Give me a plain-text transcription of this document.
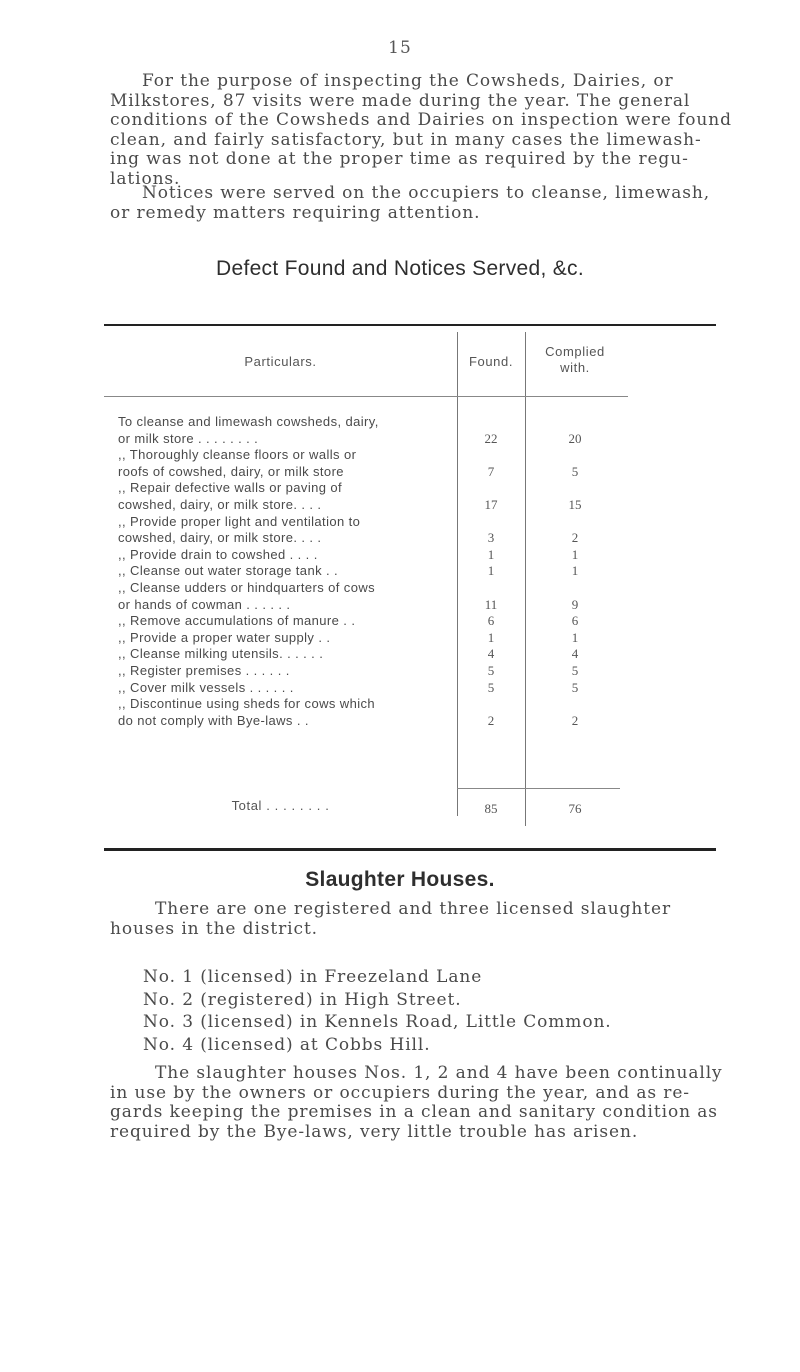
15
For the purpose of inspecting the Cowsheds, Dairies, or
Milkstores, 87 visits were made during the year. The general
conditions of the Cowsheds and Dairies on inspection were found
clean, and fairly satisfactory, but in many cases the limewash-
ing was not done at the proper time as required by the regu-
lations.
Notices were served on the occupiers to cleanse, limewash,
or remedy matters requiring attention.
Defect Found and Notices Served, &c.
Particulars.	Found.
Complied
with.
To cleanse and limewash cowsheds, dairy,
or milk store . . . . . . . .	22	20
,, Thoroughly cleanse floors or walls or
roofs of cowshed, dairy, or milk store	7	5
,, Repair defective walls or paving of
cowshed, dairy, or milk store. . . .	17	15
,, Provide proper light and ventilation to
cowshed, dairy, or milk store. . . .	3	2
,, Provide drain to cowshed . . . .	1	1
,, Cleanse out water storage tank . .	1	1
,, Cleanse udders or hindquarters of cows
or hands of cowman . . . . . .	11	9
,, Remove accumulations of manure . .	6	6
,, Provide a proper water supply . .	1	1
,, Cleanse milking utensils. . . . . .	4	4
,, Register premises . . . . . .	5	5
,, Cover milk vessels . . . . . .	5	5
,, Discontinue using sheds for cows which
do not comply with Bye-laws . .	2	2
Total . . . . . . . .	85	76
Slaughter Houses.
There are one registered and three licensed slaughter
houses in the district.
No. 1 (licensed) in Freezeland Lane
No. 2 (registered) in High Street.
No. 3 (licensed) in Kennels Road, Little Common.
No. 4 (licensed) at Cobbs Hill.
The slaughter houses Nos. 1, 2 and 4 have been continually
in use by the owners or occupiers during the year, and as re-
gards keeping the premises in a clean and sanitary condition as
required by the Bye-laws, very little trouble has arisen.
